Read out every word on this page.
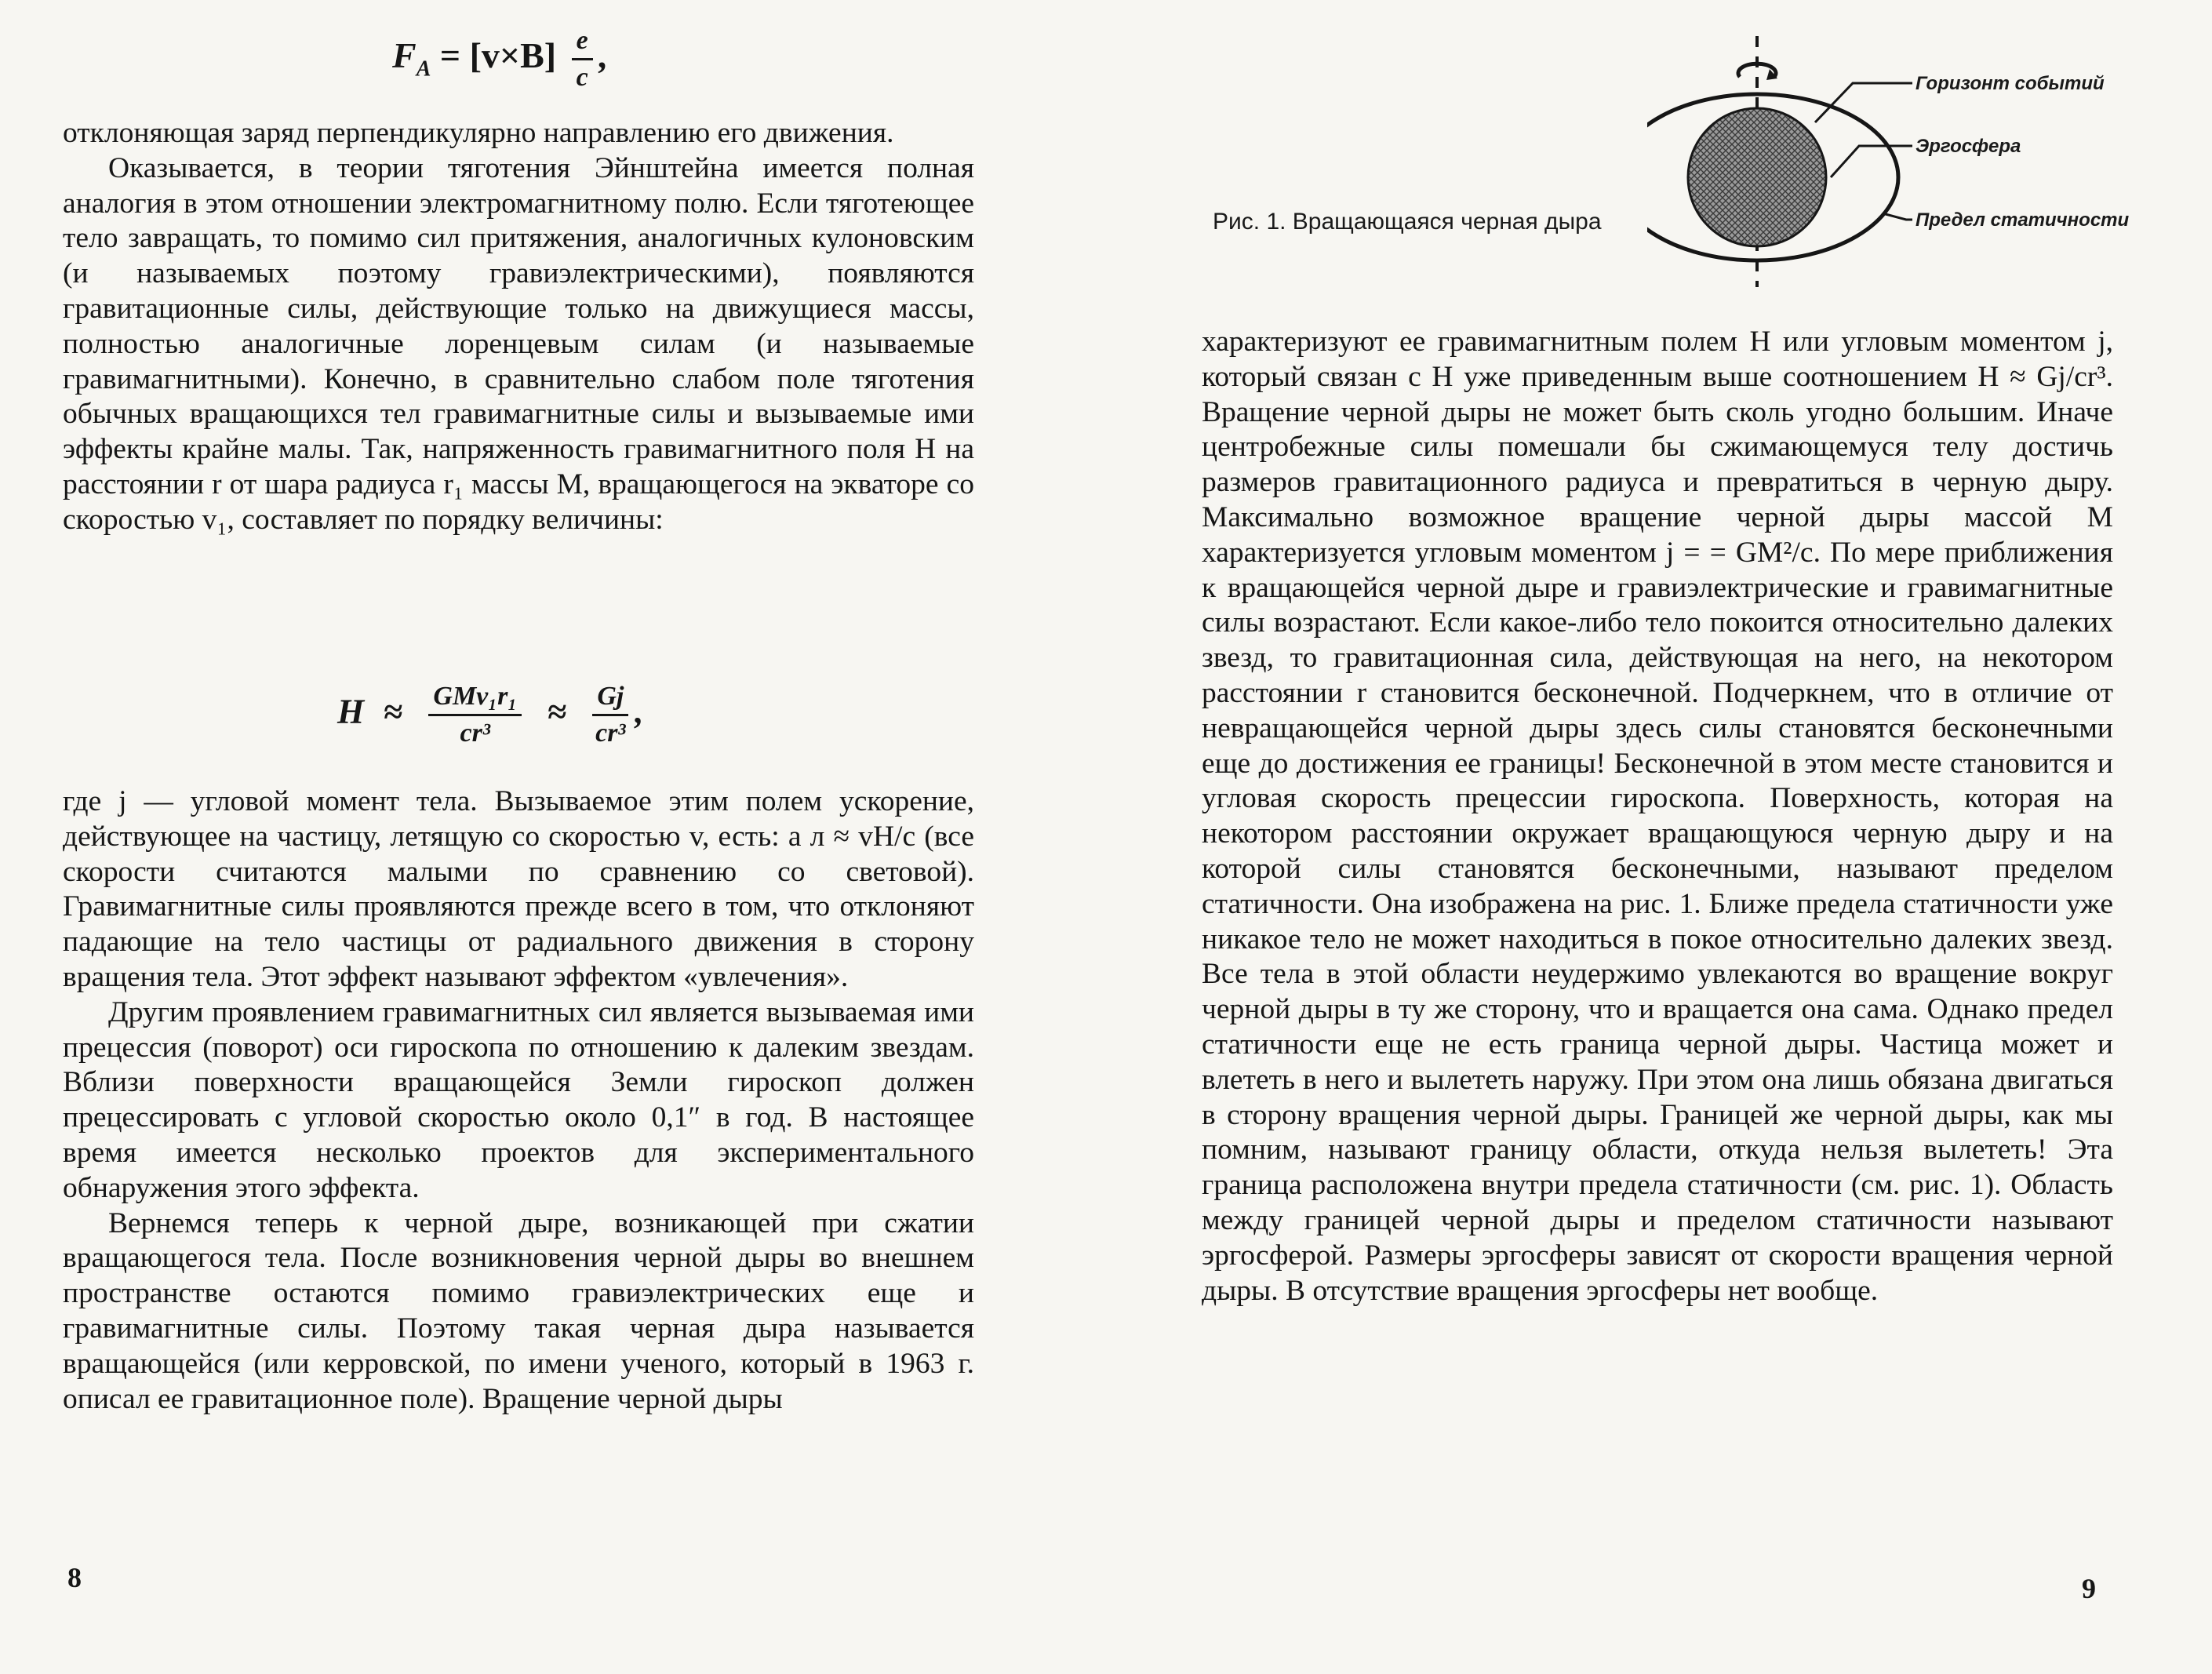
$F_А = [v\times B] \frac{e}{c}$ ,

отклоняющая заряд перпендикулярно направлению его движения.

Оказывается, в теории тяготения Эйнштейна имеется полная аналогия в этом отношении электромагнитному полю. Если тяготеющее тело завращать, то помимо сил притяжения, аналогичных кулоновским (и называемых поэтому гравиэлектрическими), появляются гравитационные силы, действующие только на движущиеся массы, полностью аналогичные лоренцевым силам (и называемые гравимагнитными). Конечно, в сравнительно слабом поле тяготения обычных вращающихся тел гравимагнитные силы и вызываемые ими эффекты крайне малы. Так, напряженность гравимагнитного поля H на расстоянии r от шара радиуса r₁ массы M, вращающегося на экваторе со скоростью v₁, составляет по порядку величины:

$H \approx \frac{\text{GMv₁r₁}}{\text{cr³}} \approx \frac{Gj}{\text{cr³}}$ ,

где j — угловой момент тела. Вызываемое этим полем ускорение, действующее на частицу, летящую со скоростью v, есть: a л ≈ vH/c (все скорости считаются малыми по сравнению со световой). Гравимагнитные силы проявляются прежде всего в том, что отклоняют падающие на тело частицы от радиального движения в сторону вращения тела. Этот эффект называют эффектом «увлечения».

Другим проявлением гравимагнитных сил является вызываемая ими прецессия (поворот) оси гироскопа по отношению к далеким звездам. Вблизи поверхности вращающейся Земли гироскоп должен прецессировать с угловой скоростью около 0,1″ в год. В настоящее время имеется несколько проектов для экспериментального обнаружения этого эффекта.

Вернемся теперь к черной дыре, возникающей при сжатии вращающегося тела. После возникновения черной дыры во внешнем пространстве остаются помимо гравиэлектрических еще и гравимагнитные силы. Поэтому такая черная дыра называется вращающейся (или керровской, по имени ученого, который в 1963 г. описал ее гравитационное поле). Вращение черной дыры

8
Рис. 1. Вращающаяся черная дыра
Горизонт событий
Эргосфера
Предел статичности

характеризуют ее гравимагнитным полем H или угловым моментом j, который связан с H уже приведенным выше соотношением H ≈ Gj/cr³. Вращение черной дыры не может быть сколь угодно большим. Иначе центробежные силы помешали бы сжимающемуся телу достичь размеров гравитационного радиуса и превратиться в черную дыру. Максимально возможное вращение черной дыры массой M характеризуется угловым моментом j = = GM²/c. По мере приближения к вращающейся черной дыре и гравиэлектрические и гравимагнитные силы возрастают. Если какое-либо тело покоится относительно далеких звезд, то гравитационная сила, действующая на него, на некотором расстоянии r становится бесконечной. Подчеркнем, что в отличие от невращающейся черной дыры здесь силы становятся бесконечными еще до достижения ее границы! Бесконечной в этом месте становится и угловая скорость прецессии гироскопа. Поверхность, которая на некотором расстоянии окружает вращающуюся черную дыру и на которой силы становятся бесконечными, называют пределом статичности. Она изображена на рис. 1. Ближе предела статичности уже никакое тело не может находиться в покое относительно далеких звезд. Все тела в этой области неудержимо увлекаются во вращение вокруг черной дыры в ту же сторону, что и вращается она сама. Однако предел статичности еще не есть граница черной дыры. Частица может и влететь в него и вылететь наружу. При этом она лишь обязана двигаться в сторону вращения черной дыры. Границей же черной дыры, как мы помним, называют границу области, откуда нельзя вылететь! Эта граница расположена внутри предела статичности (см. рис. 1). Область между границей черной дыры и пределом статичности называют эргосферой. Размеры эргосферы зависят от скорости вращения черной дыры. В отсутствие вращения эргосферы нет вообще.

9
